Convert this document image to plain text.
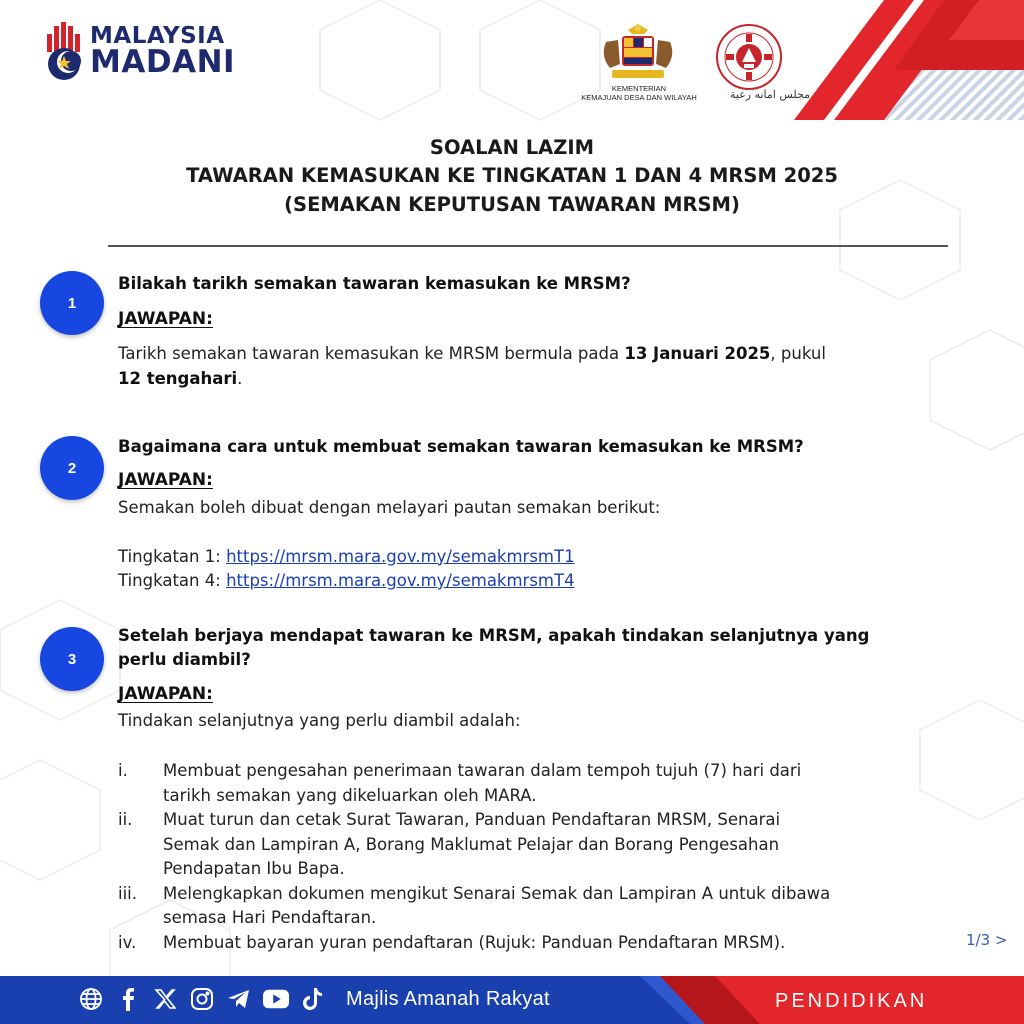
MALAYSIA
MADANI
KEMENTERIAN
KEMAJUAN DESA DAN WILAYAH	ﻣﺠﻠﺲ ﺍﻣﺎﻧﻪ ﺭﻋﻴﺔ
SOALAN LAZIM
TAWARAN KEMASUKAN KE TINGKATAN 1 DAN 4 MRSM 2025
(SEMAKAN KEPUTUSAN TAWARAN MRSM)
1
Bilakah tarikh semakan tawaran kemasukan ke MRSM?
JAWAPAN:
Tarikh semakan tawaran kemasukan ke MRSM bermula pada 13 Januari 2025, pukul
12 tengahari.
2
Bagaimana cara untuk membuat semakan tawaran kemasukan ke MRSM?
JAWAPAN:
Semakan boleh dibuat dengan melayari pautan semakan berikut:
Tingkatan 1: https://mrsm.mara.gov.my/semakmrsmT1
Tingkatan 4: https://mrsm.mara.gov.my/semakmrsmT4
3
Setelah berjaya mendapat tawaran ke MRSM, apakah tindakan selanjutnya yang
perlu diambil?
JAWAPAN:
Tindakan selanjutnya yang perlu diambil adalah:
i.	Membuat pengesahan penerimaan tawaran dalam tempoh tujuh (7) hari dari
tarikh semakan yang dikeluarkan oleh MARA.
ii.	Muat turun dan cetak Surat Tawaran, Panduan Pendaftaran MRSM, Senarai
Semak dan Lampiran A, Borang Maklumat Pelajar dan Borang Pengesahan
Pendapatan Ibu Bapa.
iii.	Melengkapkan dokumen mengikut Senarai Semak dan Lampiran A untuk dibawa
semasa Hari Pendaftaran.
iv.	Membuat bayaran yuran pendaftaran (Rujuk: Panduan Pendaftaran MRSM).	1/3 >
Majlis Amanah Rakyat	PENDIDIKAN
